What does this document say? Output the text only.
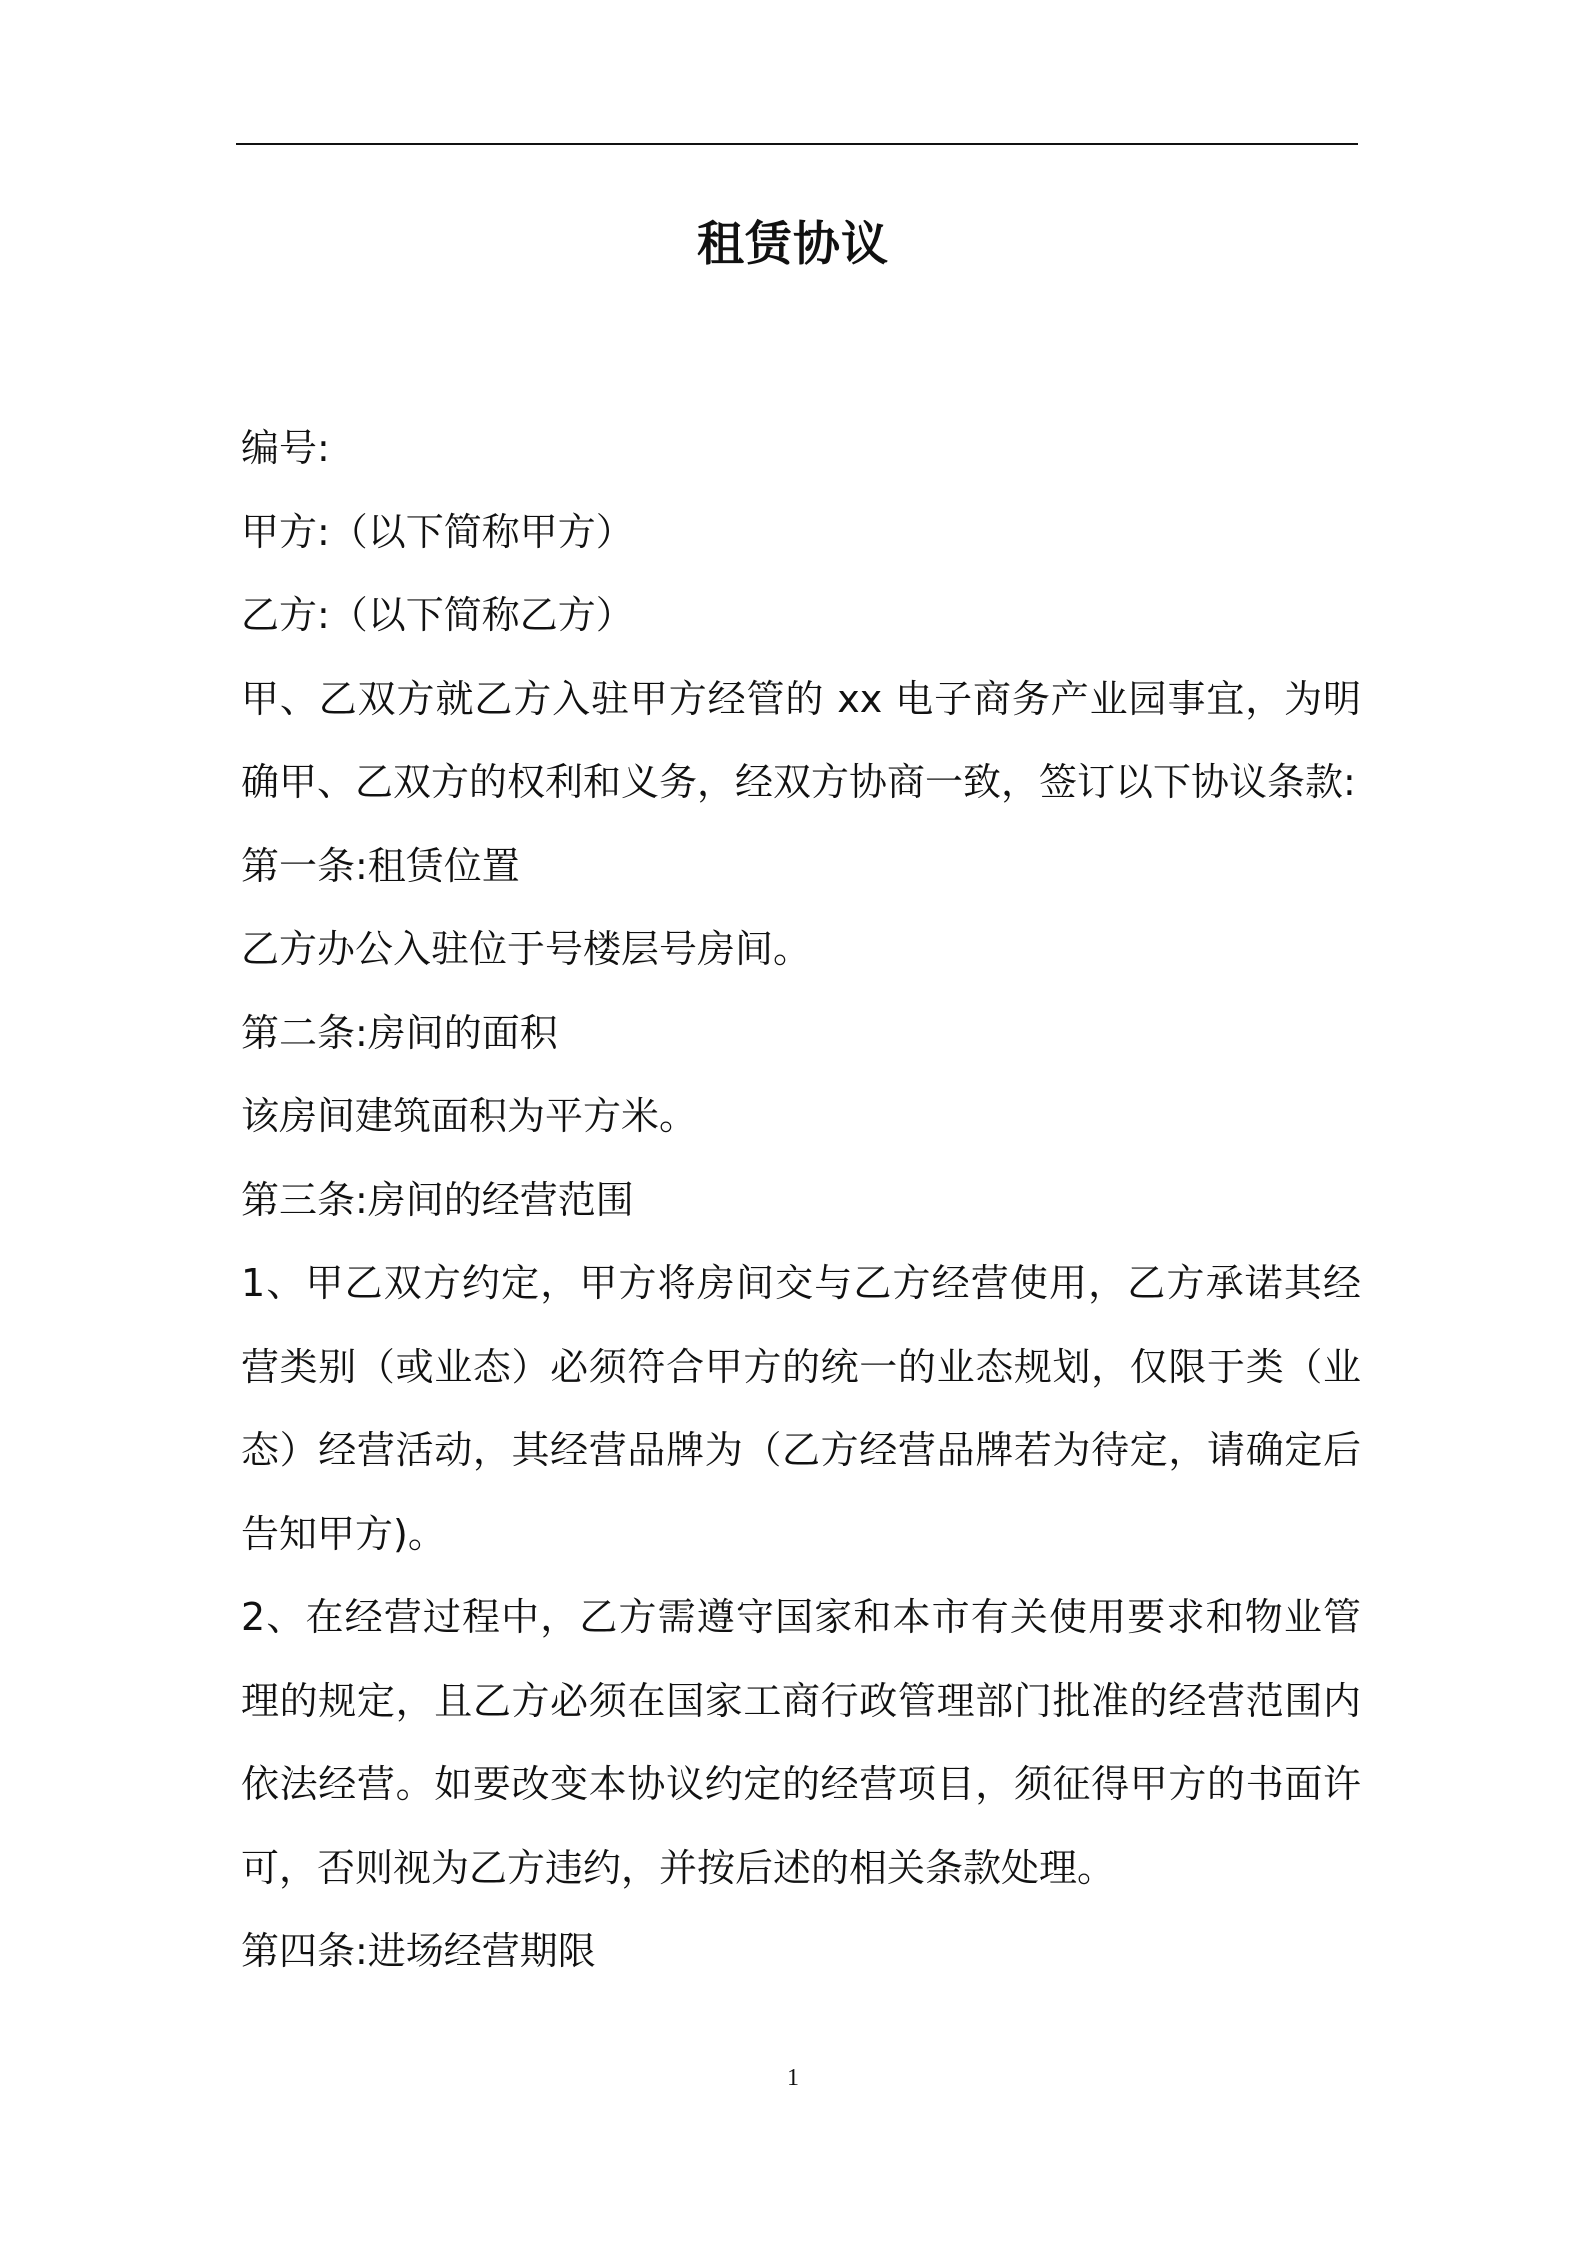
租赁协议

编号:

甲方:（以下简称甲方）

乙方:（以下简称乙方）

甲、乙双方就乙方入驻甲方经管的 xx 电子商务产业园事宜，为明确甲、乙双方的权利和义务，经双方协商一致，签订以下协议条款:

第一条:租赁位置

乙方办公入驻位于号楼层号房间。

第二条:房间的面积

该房间建筑面积为平方米。

第三条:房间的经营范围

1、甲乙双方约定，甲方将房间交与乙方经营使用，乙方承诺其经营类别（或业态）必须符合甲方的统一的业态规划，仅限于类（业态）经营活动，其经营品牌为（乙方经营品牌若为待定，请确定后告知甲方)。

2、在经营过程中，乙方需遵守国家和本市有关使用要求和物业管理的规定，且乙方必须在国家工商行政管理部门批准的经营范围内依法经营。如要改变本协议约定的经营项目，须征得甲方的书面许可，否则视为乙方违约，并按后述的相关条款处理。

第四条:进场经营期限

1
